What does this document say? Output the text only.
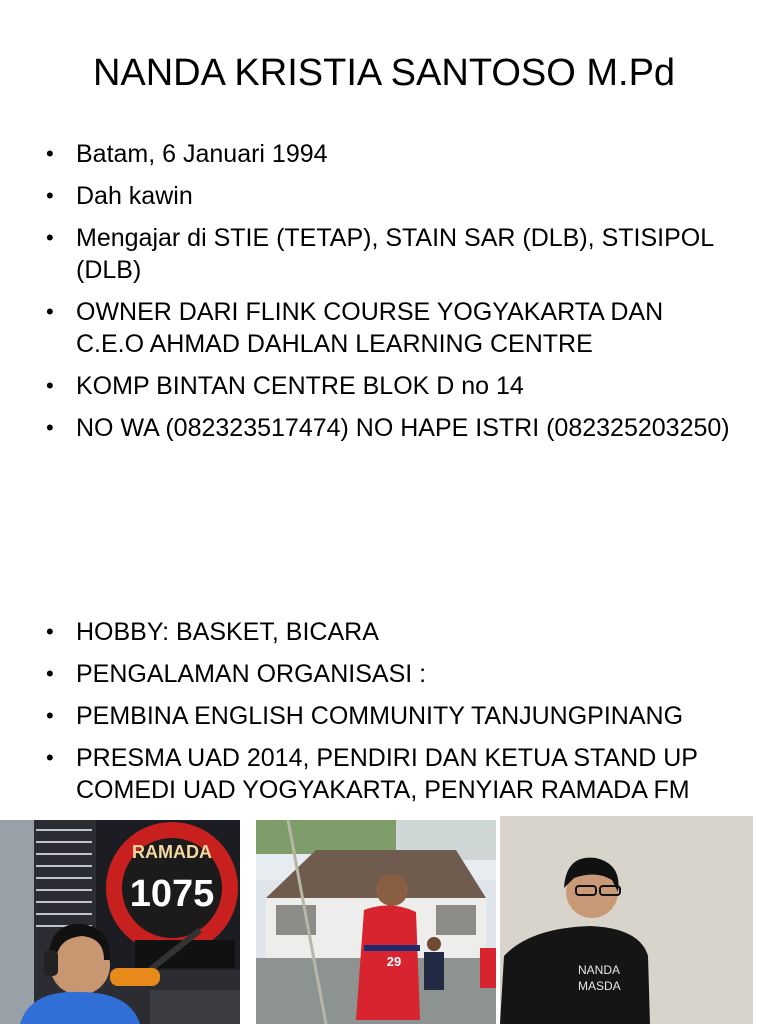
NANDA KRISTIA SANTOSO M.Pd
• Batam, 6 Januari 1994
• Dah kawin
• Mengajar di STIE (TETAP), STAIN SAR (DLB), STISIPOL (DLB)
• OWNER DARI FLINK COURSE YOGYAKARTA DAN C.E.O AHMAD DAHLAN LEARNING CENTRE
• KOMP BINTAN CENTRE BLOK D no 14
• NO WA (082323517474) NO HAPE ISTRI (082325203250)
• HOBBY: BASKET, BICARA
• PENGALAMAN ORGANISASI :
• PEMBINA ENGLISH COMMUNITY TANJUNGPINANG
• PRESMA UAD 2014, PENDIRI DAN KETUA STAND UP COMEDI UAD YOGYAKARTA, PENYIAR RAMADA FM
RAMADA
1075
29
NANDA
MASDA
